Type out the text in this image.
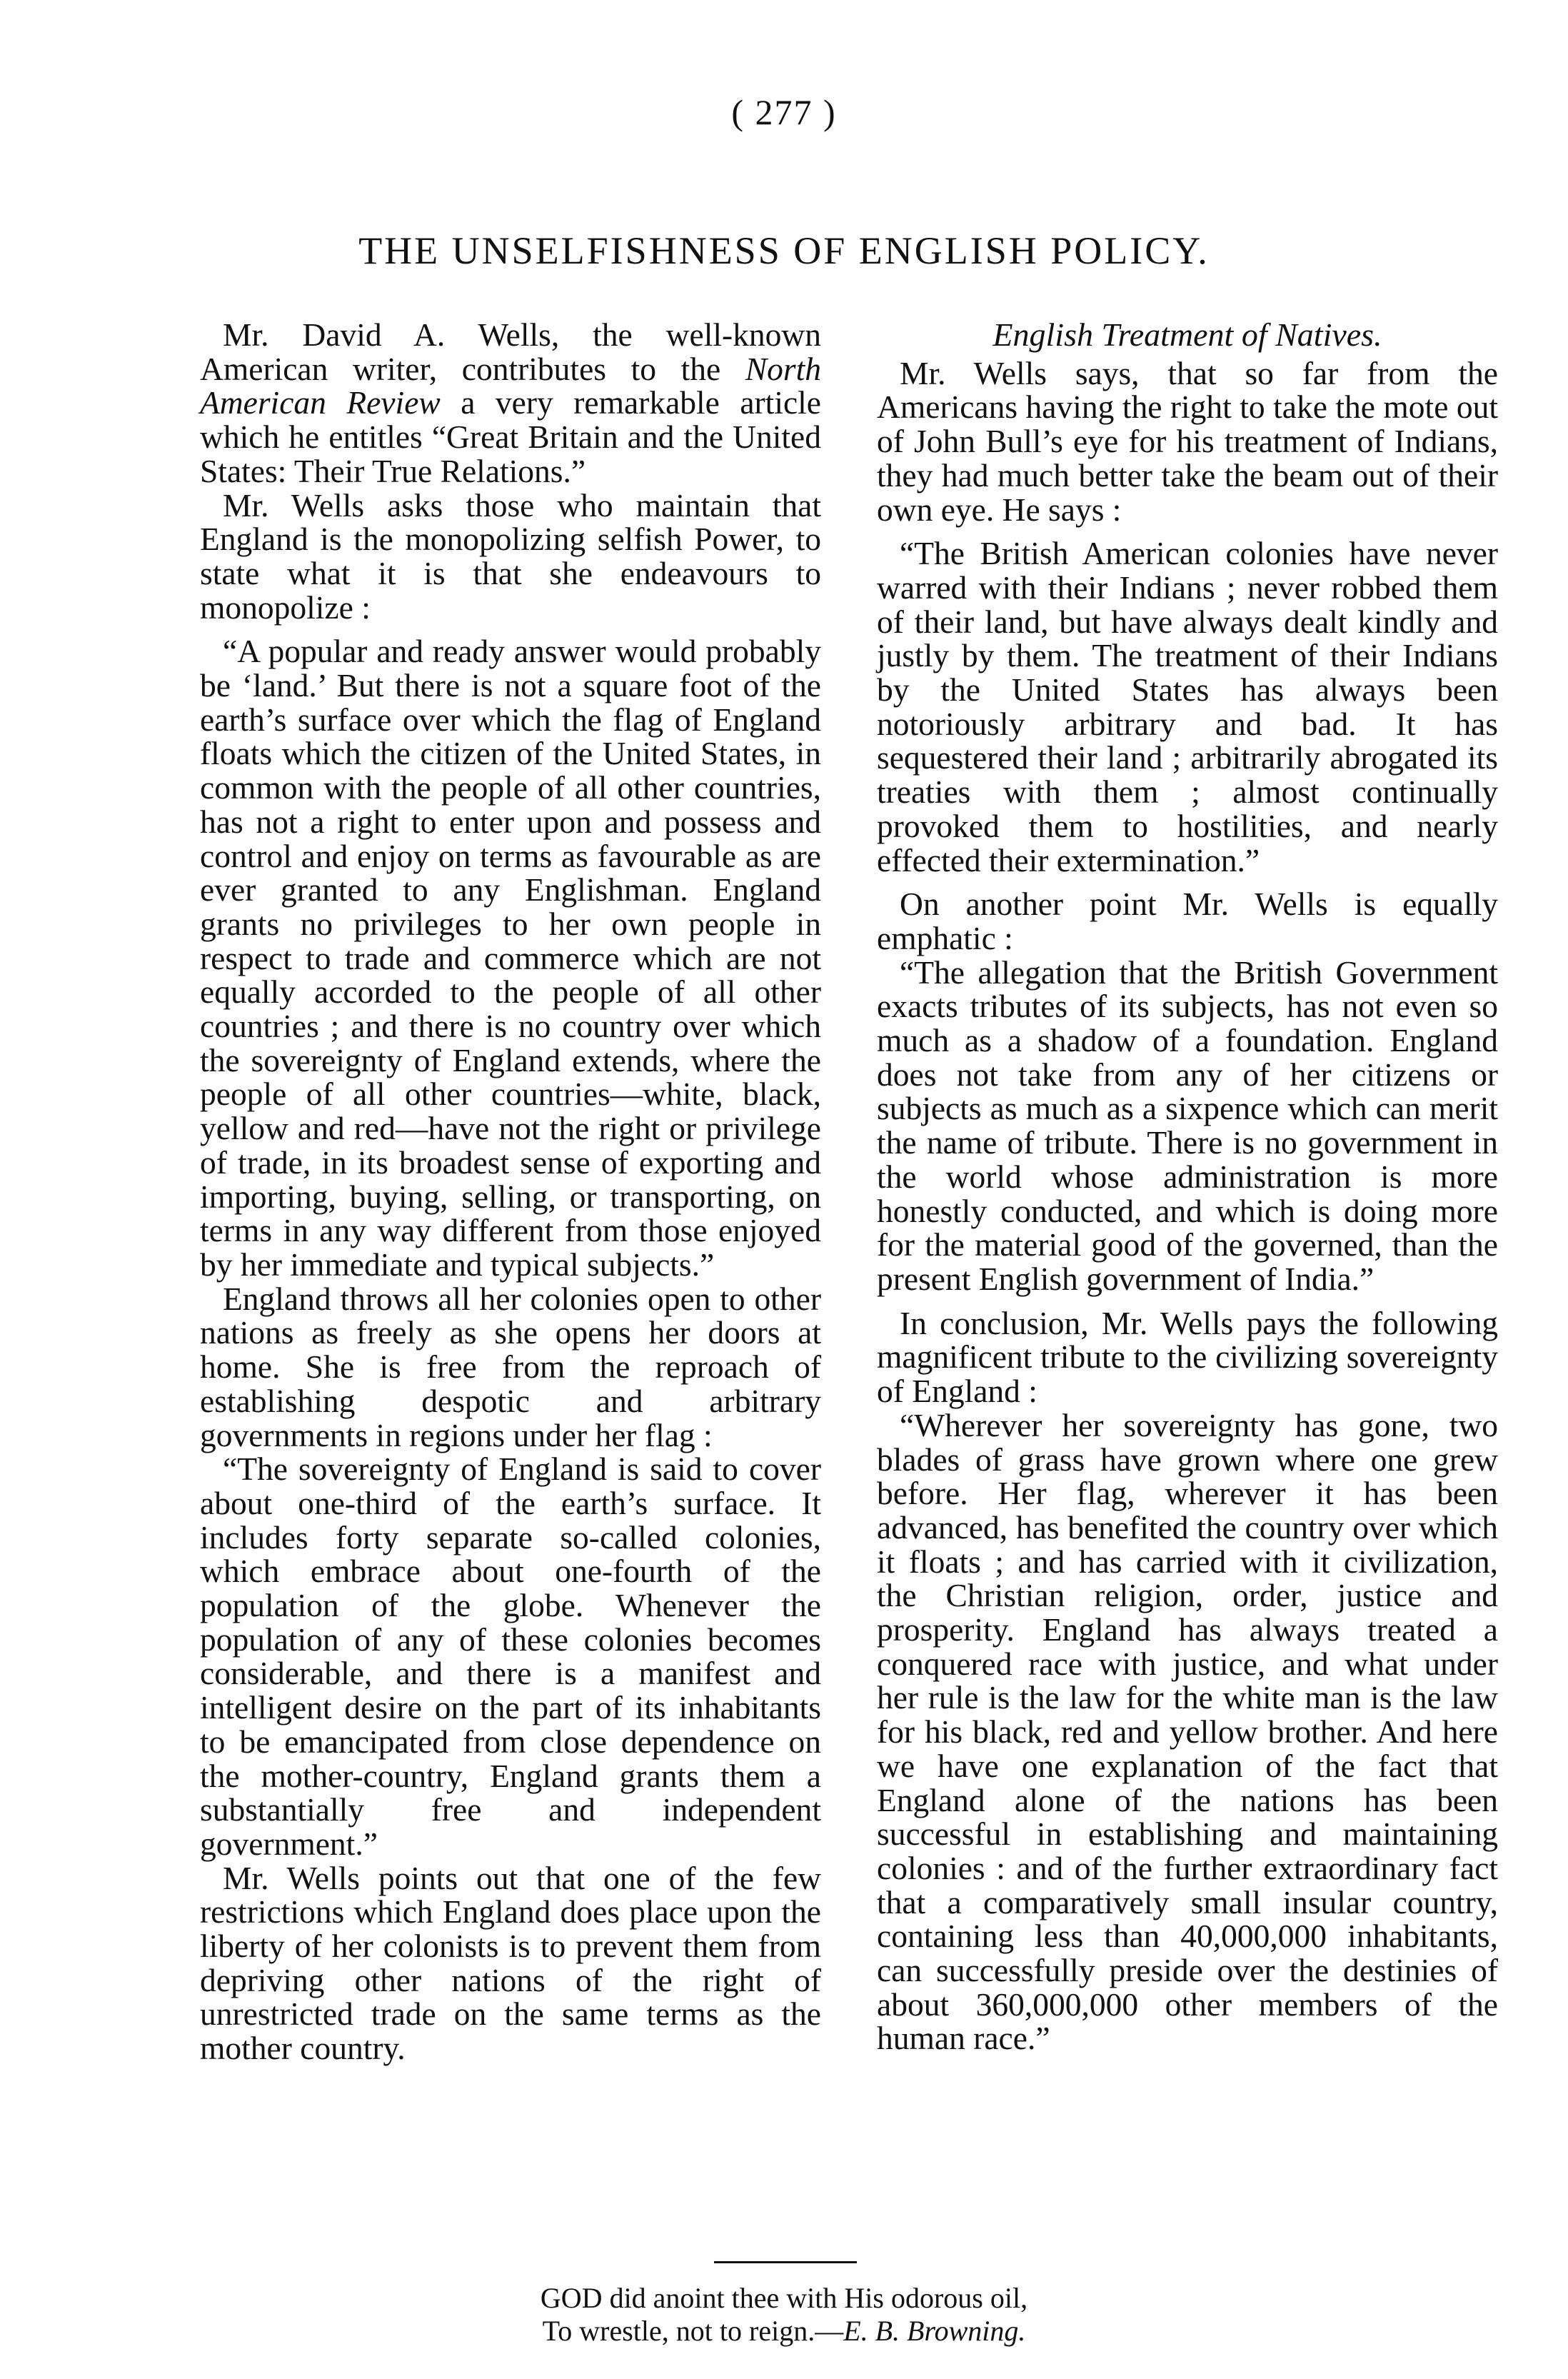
( 277 )
THE UNSELFISHNESS OF ENGLISH POLICY.

Mr. David A. Wells, the well-known American writer, contributes to the North American Review a very remarkable article which he entitles “Great Britain and the United States: Their True Relations.”

Mr. Wells asks those who maintain that England is the monopolizing selfish Power, to state what it is that she endeavours to monopolize :

“A popular and ready answer would probably be ‘land.’ But there is not a square foot of the earth’s surface over which the flag of England floats which the citizen of the United States, in common with the people of all other countries, has not a right to enter upon and possess and control and enjoy on terms as favourable as are ever granted to any Englishman. England grants no privileges to her own people in respect to trade and commerce which are not equally accorded to the people of all other countries ; and there is no country over which the sovereignty of England extends, where the people of all other countries—white, black, yellow and red—have not the right or privilege of trade, in its broadest sense of exporting and importing, buying, selling, or transporting, on terms in any way different from those enjoyed by her immediate and typical subjects.”

England throws all her colonies open to other nations as freely as she opens her doors at home. She is free from the reproach of establishing despotic and arbitrary governments in regions under her flag :

“The sovereignty of England is said to cover about one-third of the earth’s surface. It includes forty separate so-called colonies, which embrace about one-fourth of the population of the globe. Whenever the population of any of these colonies becomes considerable, and there is a manifest and intelligent desire on the part of its inhabitants to be emancipated from close dependence on the mother-country, England grants them a substantially free and independent government.”

Mr. Wells points out that one of the few restrictions which England does place upon the liberty of her colonists is to prevent them from depriving other nations of the right of unrestricted trade on the same terms as the mother country.

English Treatment of Natives.

Mr. Wells says, that so far from the Americans having the right to take the mote out of John Bull’s eye for his treatment of Indians, they had much better take the beam out of their own eye. He says :

“The British American colonies have never warred with their Indians ; never robbed them of their land, but have always dealt kindly and justly by them. The treatment of their Indians by the United States has always been notoriously arbitrary and bad. It has sequestered their land ; arbitrarily abrogated its treaties with them ; almost continually provoked them to hostilities, and nearly effected their extermination.”

On another point Mr. Wells is equally emphatic :

“The allegation that the British Government exacts tributes of its subjects, has not even so much as a shadow of a foundation. England does not take from any of her citizens or subjects as much as a sixpence which can merit the name of tribute. There is no government in the world whose administration is more honestly conducted, and which is doing more for the material good of the governed, than the present English government of India.”

In conclusion, Mr. Wells pays the following magnificent tribute to the civilizing sovereignty of England :

“Wherever her sovereignty has gone, two blades of grass have grown where one grew before. Her flag, wherever it has been advanced, has benefited the country over which it floats ; and has carried with it civilization, the Christian religion, order, justice and prosperity. England has always treated a conquered race with justice, and what under her rule is the law for the white man is the law for his black, red and yellow brother. And here we have one explanation of the fact that England alone of the nations has been successful in establishing and maintaining colonies : and of the further extraordinary fact that a comparatively small insular country, containing less than 40,000,000 inhabitants, can successfully preside over the destinies of about 360,000,000 other members of the human race.”

GOD did anoint thee with His odorous oil,
To wrestle, not to reign.—E. B. Browning.
